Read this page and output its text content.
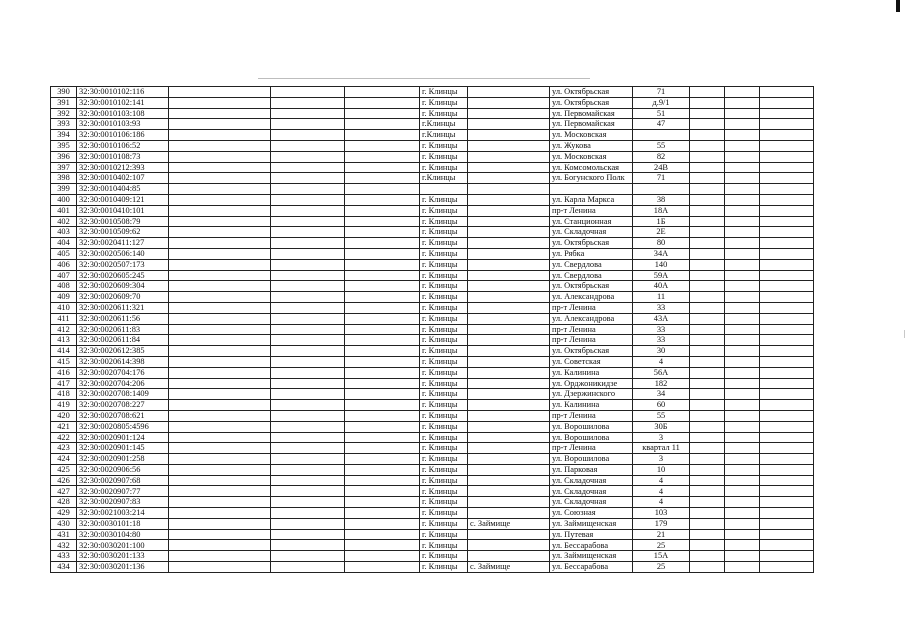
390	32:30:0010102:116				г. Клинцы		ул. Октябрьская	71			
391	32:30:0010102:141				г. Клинцы		ул. Октябрьская	д.9/1			
392	32:30:0010103:108				г. Клинцы		ул. Первомайская	51			
393	32:30:0010103:93				г.Клинцы		ул. Первомайская	47			
394	32:30:0010106:186				г.Клинцы		ул. Московская				
395	32:30:0010106:52				г. Клинцы		ул. Жукова	55			
396	32:30:0010108:73				г. Клинцы		ул. Московская	82			
397	32:30:0010212:393				г. Клинцы		ул. Комсомольская	24В			
398	32:30:0010402:107				г.Клинцы		ул. Богунского Полк	71			
399	32:30:0010404:85										
400	32:30:0010409:121				г. Клинцы		ул. Карла Маркса	38			
401	32:30:0010410:101				г. Клинцы		пр-т Ленина	18А			
402	32:30:0010508:79				г. Клинцы		ул. Станционная	1Б			
403	32:30:0010509:62				г. Клинцы		ул. Складочная	2Е			
404	32:30:0020411:127				г. Клинцы		ул. Октябрьская	80			
405	32:30:0020506:140				г. Клинцы		ул. Рябка	34А			
406	32:30:0020507:173				г. Клинцы		ул. Свердлова	140			
407	32:30:0020605:245				г. Клинцы		ул. Свердлова	59А			
408	32:30:0020609:304				г. Клинцы		ул. Октябрьская	40А			
409	32:30:0020609:70				г. Клинцы		ул. Александрова	11			
410	32:30:0020611:321				г. Клинцы		пр-т Ленина	33			
411	32:30:0020611:56				г. Клинцы		ул. Александрова	43А			
412	32:30:0020611:83				г. Клинцы		пр-т Ленина	33			
413	32:30:0020611:84				г. Клинцы		пр-т Ленина	33			
414	32:30:0020612:385				г. Клинцы		ул. Октябрьская	30			
415	32:30:0020614:398				г. Клинцы		ул. Советская	4			
416	32:30:0020704:176				г. Клинцы		ул. Калинина	56А			
417	32:30:0020704:206				г. Клинцы		ул. Орджоникидзе	182			
418	32:30:0020708:1409				г. Клинцы		ул. Дзержинского	34			
419	32:30:0020708:227				г. Клинцы		ул. Калинина	60			
420	32:30:0020708:621				г. Клинцы		пр-т Ленина	55			
421	32:30:0020805:4596				г. Клинцы		ул. Ворошилова	30Б			
422	32:30:0020901:124				г. Клинцы		ул. Ворошилова	3			
423	32:30:0020901:145				г. Клинцы		пр-т Ленина	квартал 11			
424	32:30:0020901:258				г. Клинцы		ул. Ворошилова	3			
425	32:30:0020906:56				г. Клинцы		ул. Парковая	10			
426	32:30:0020907:68				г. Клинцы		ул. Складочная	4			
427	32:30:0020907:77				г. Клинцы		ул. Складочная	4			
428	32:30:0020907:83				г. Клинцы		ул. Складочная	4			
429	32:30:0021003:214				г. Клинцы		ул. Союзная	103			
430	32:30:0030101:18				г. Клинцы	с. Займище	ул. Займищенская	179			
431	32:30:0030104:80				г. Клинцы		ул. Путевая	21			
432	32:30:0030201:100				г. Клинцы		ул. Бессарабова	25			
433	32:30:0030201:133				г. Клинцы		ул. Займищенская	15А			
434	32:30:0030201:136				г. Клинцы	с. Займище	ул. Бессарабова	25			
